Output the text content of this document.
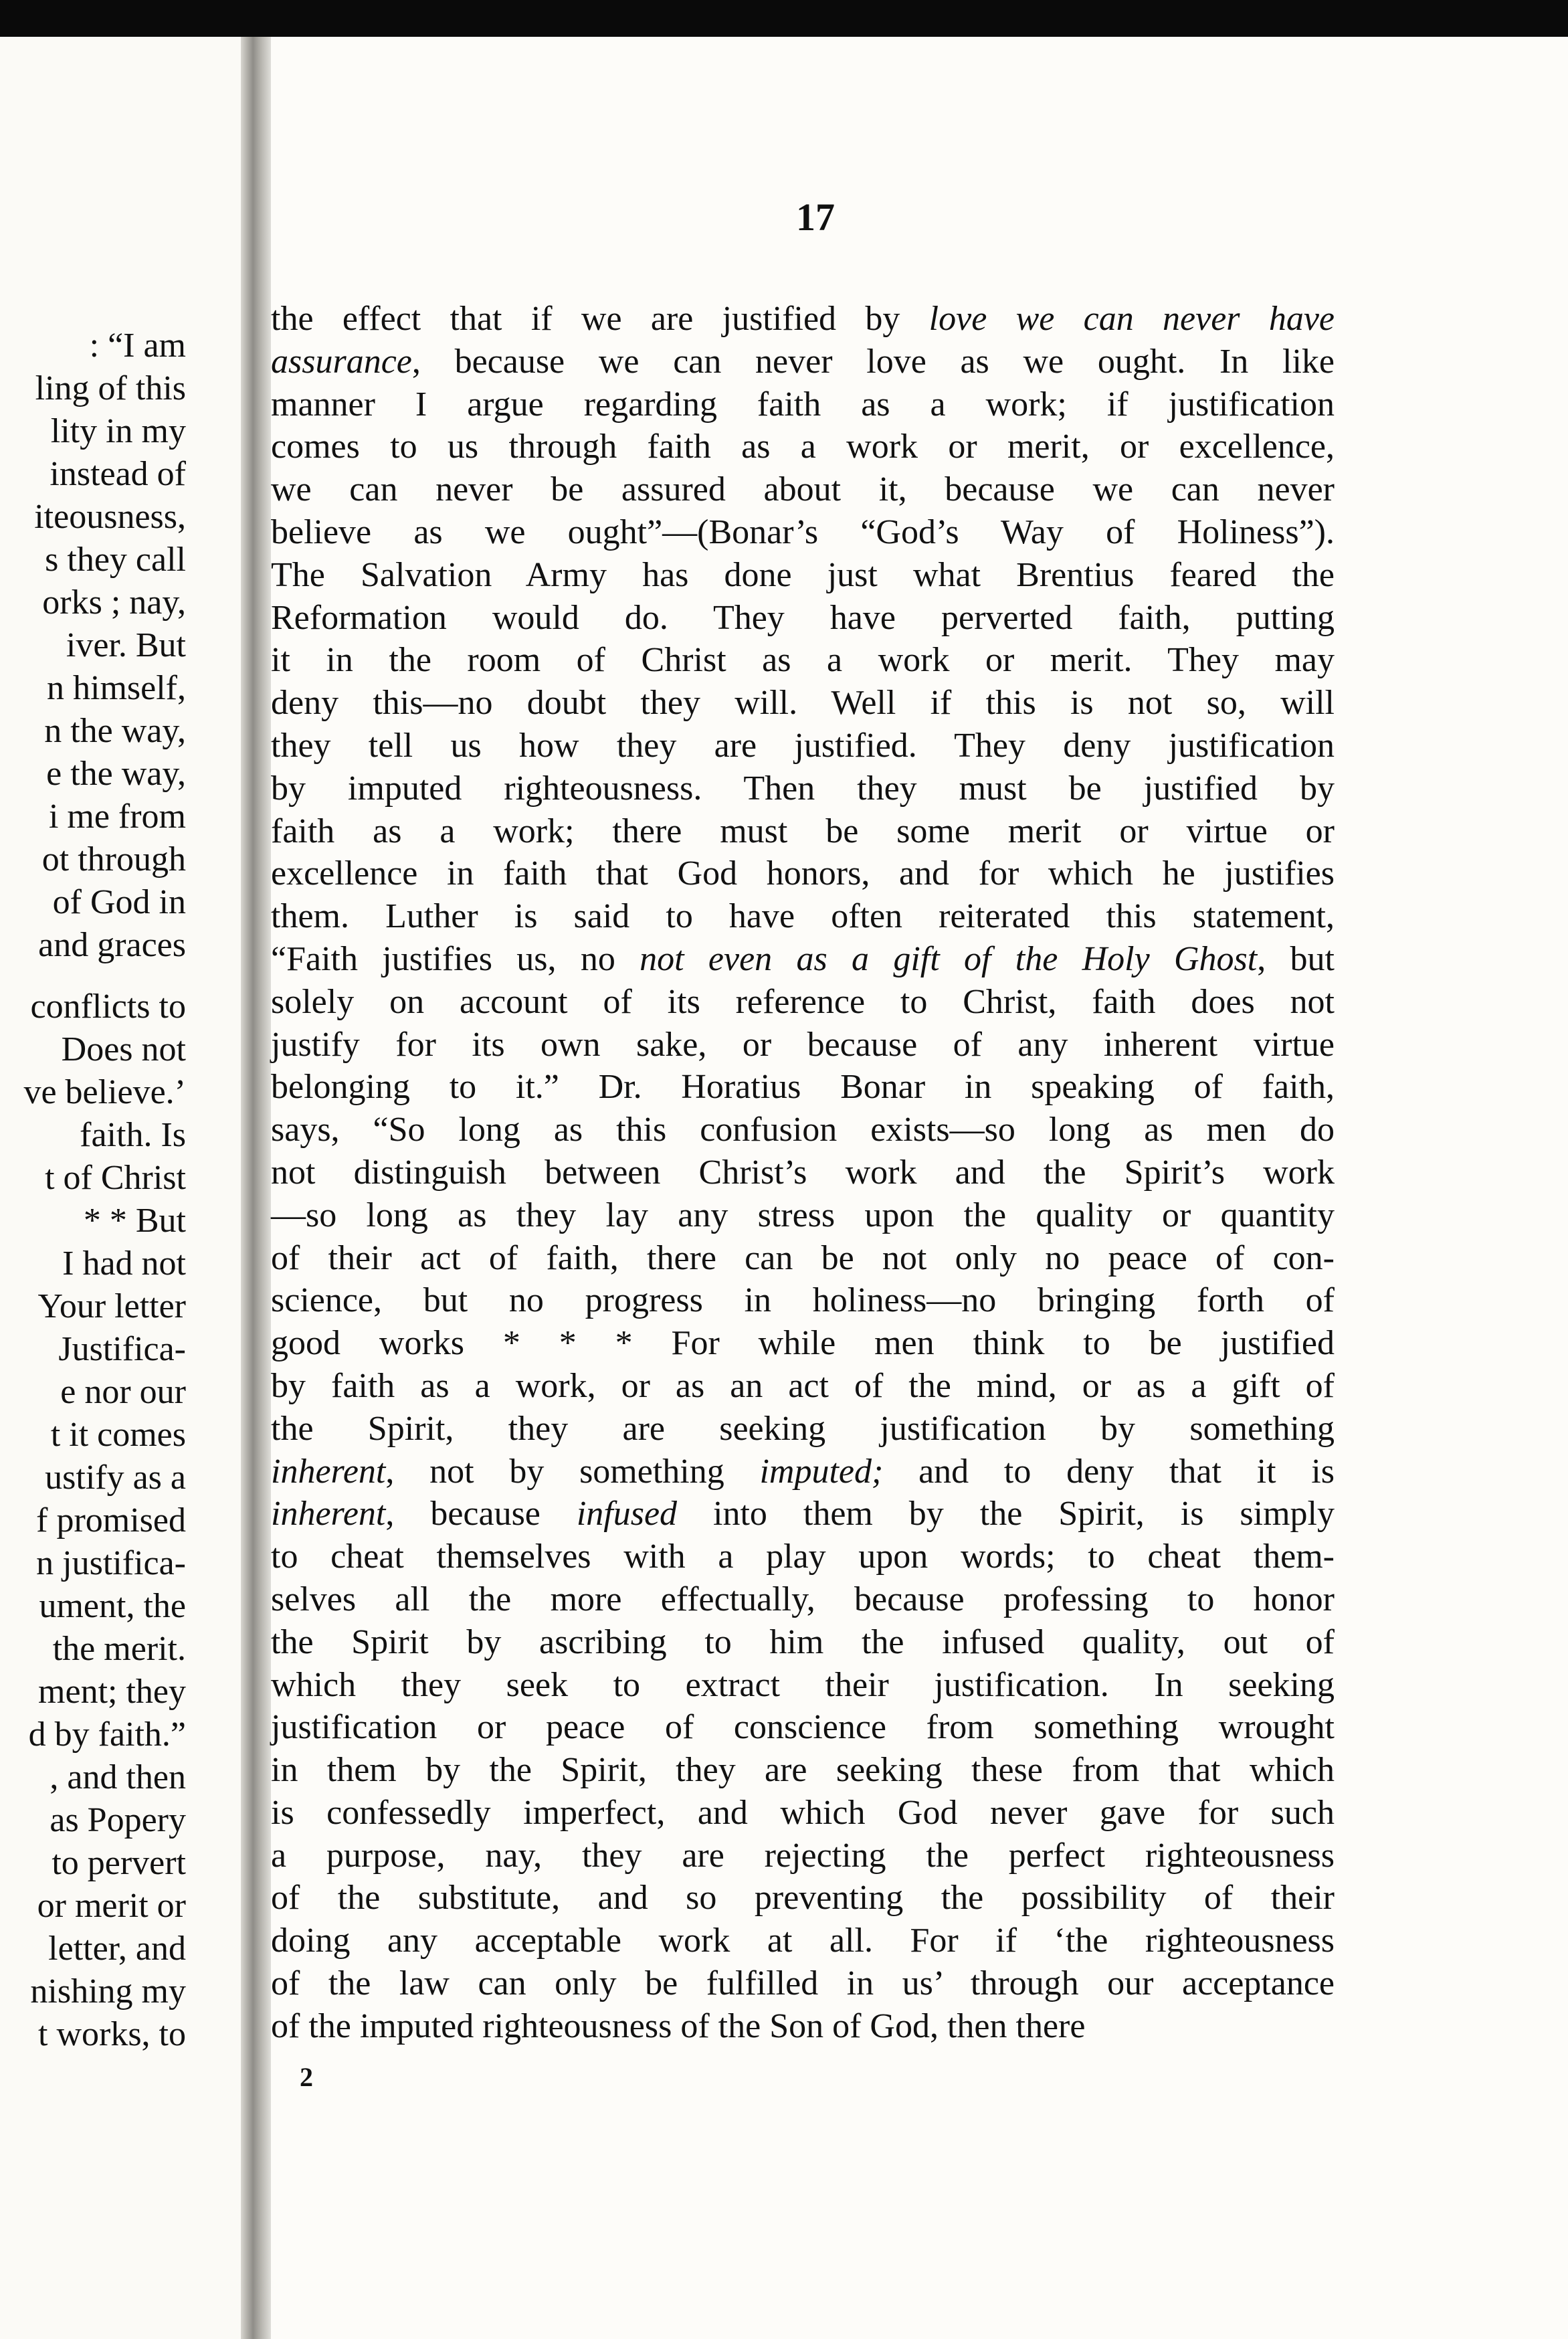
: “I am
ling of this
lity in my
instead of
iteousness,
s they call
orks ; nay,
iver. But
n himself,
n the way,
e the way,
i me from
ot through
of God in
and graces
conflicts to
Does not
ve believe.’
faith. Is
t of Christ
* * But
I had not
Your letter
Justifica-
e nor our
t it comes
ustify as a
f promised
n justifica-
ument, the
the merit.
ment; they
d by faith.”
, and then
as Popery
to pervert
or merit or
letter, and
nishing my
t works, to
17
the effect that if we are justified by love we can never have
assurance, because we can never love as we ought. In like
manner I argue regarding faith as a work; if justification
comes to us through faith as a work or merit, or excellence,
we can never be assured about it, because we can never
believe as we ought”—(Bonar’s “God’s Way of Holiness”).
The Salvation Army has done just what Brentius feared the
Reformation would do. They have perverted faith, putting
it in the room of Christ as a work or merit. They may
deny this—no doubt they will. Well if this is not so, will
they tell us how they are justified. They deny justification
by imputed righteousness. Then they must be justified by
faith as a work; there must be some merit or virtue or
excellence in faith that God honors, and for which he justifies
them. Luther is said to have often reiterated this statement,
“Faith justifies us, no not even as a gift of the Holy Ghost, but
solely on account of its reference to Christ, faith does not
justify for its own sake, or because of any inherent virtue
belonging to it.” Dr. Horatius Bonar in speaking of faith,
says, “So long as this confusion exists—so long as men do
not distinguish between Christ’s work and the Spirit’s work
—so long as they lay any stress upon the quality or quantity
of their act of faith, there can be not only no peace of con-
science, but no progress in holiness—no bringing forth of
good works * * * For while men think to be justified
by faith as a work, or as an act of the mind, or as a gift of
the Spirit, they are seeking justification by something
inherent, not by something imputed; and to deny that it is
inherent, because infused into them by the Spirit, is simply
to cheat themselves with a play upon words; to cheat them-
selves all the more effectually, because professing to honor
the Spirit by ascribing to him the infused quality, out of
which they seek to extract their justification. In seeking
justification or peace of conscience from something wrought
in them by the Spirit, they are seeking these from that which
is confessedly imperfect, and which God never gave for such
a purpose, nay, they are rejecting the perfect righteousness
of the substitute, and so preventing the possibility of their
doing any acceptable work at all. For if ‘the righteousness
of the law can only be fulfilled in us’ through our acceptance
of the imputed righteousness of the Son of God, then there
2
